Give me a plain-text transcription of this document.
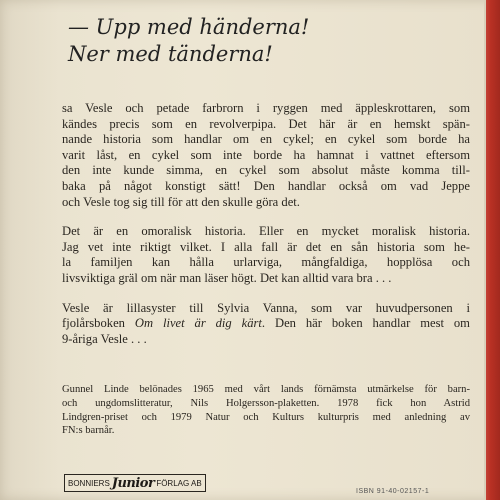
— Upp med händerna!
Ner med tänderna!

sa Vesle och petade farbrorn i ryggen med äppleskrottaren, som
kändes precis som en revolverpipa. Det här är en hemskt spän-
nande historia som handlar om en cykel; en cykel som borde ha
varit låst, en cykel som inte borde ha hamnat i vattnet eftersom
den inte kunde simma, en cykel som absolut måste komma till-
baka på något konstigt sätt! Den handlar också om vad Jeppe
och Vesle tog sig till för att den skulle göra det.

Det är en omoralisk historia. Eller en mycket moralisk historia.
Jag vet inte riktigt vilket. I alla fall är det en sån historia som he-
la familjen kan hålla urlarviga, mångfaldiga, hopplösa och
livsviktiga gräl om när man läser högt. Det kan alltid vara bra . . .

Vesle är lillasyster till Sylvia Vanna, som var huvudpersonen i
fjolårsboken Om livet är dig kärt. Den här boken handlar mest om
9-åriga Vesle . . .

Gunnel Linde belönades 1965 med vårt lands förnämsta utmärkelse för barn-
och ungdomslitteratur, Nils Holgersson-plaketten. 1978 fick hon Astrid
Lindgren-priset och 1979 Natur och Kulturs kulturpris med anledning av
FN:s barnår.
BONNIERS Junior FÖRLAG AB
ISBN 91-40-02157-1
